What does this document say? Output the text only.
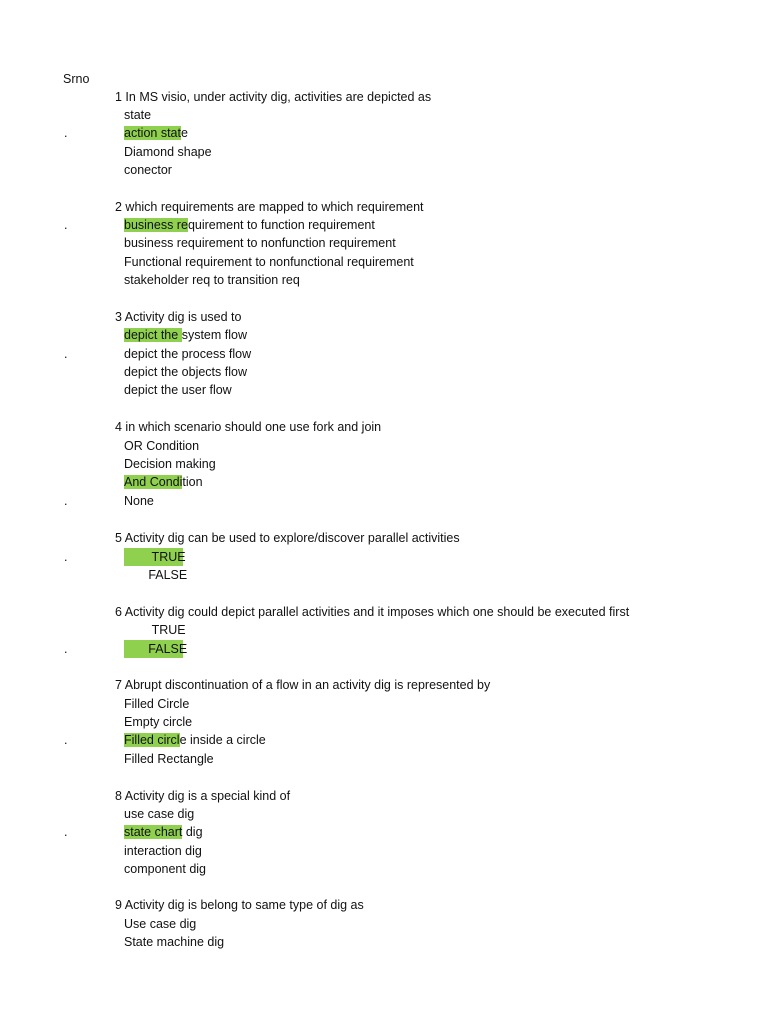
Srno
1 In MS visio, under activity dig, activities are depicted as
state
.	action state
Diamond shape
conector
2 which requirements are mapped to which requirement
.	business requirement to function requirement
business requirement to nonfunction requirement
Functional requirement to nonfunctional requirement
stakeholder req to transition req
3 Activity dig is used to
depict the system flow
.	depict the process flow
depict the objects flow
depict the user flow
4 in which scenario should one use fork and join
OR Condition
Decision making
And Condition
.	None
5 Activity dig can be used to explore/discover parallel activities
.	TRUE
FALSE
6 Activity dig could depict parallel activities and it imposes which one should be executed first
TRUE
.	FALSE
7 Abrupt discontinuation of a flow in an activity dig is represented by
Filled Circle
Empty circle
.	Filled circle inside a circle
Filled Rectangle
8 Activity dig is a special kind of
use case dig
.	state chart dig
interaction dig
component dig
9 Activity dig is belong to same type of dig as
Use case dig
State machine dig
